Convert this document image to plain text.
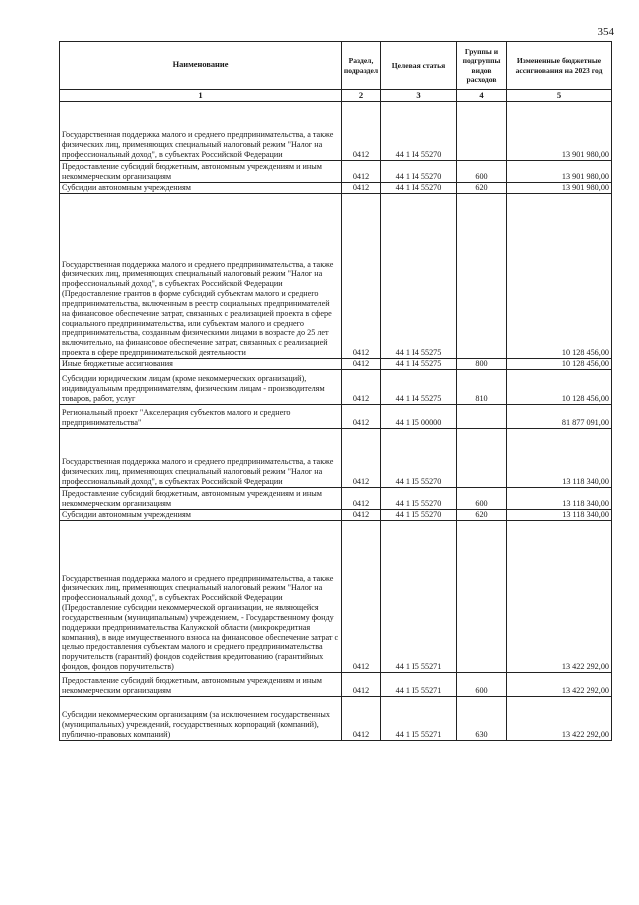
354
Наименование	Раздел, подраздел	Целевая статья	Группы и подгруппы видов расходов	Измененные бюджетные ассигнования на 2023 год
1	2	3	4	5
Государственная поддержка малого и среднего предпринимательства, а также физических лиц, применяющих специальный налоговый режим "Налог на профессиональный доход", в субъектах Российской Федерации	0412	44 1 I4 55270		13 901 980,00
Предоставление субсидий бюджетным, автономным учреждениям и иным некоммерческим организациям	0412	44 1 I4 55270	600	13 901 980,00
Субсидии автономным учреждениям	0412	44 1 I4 55270	620	13 901 980,00
Государственная поддержка малого и среднего предпринимательства, а также физических лиц, применяющих специальный налоговый режим "Налог на профессиональный доход", в субъектах Российской Федерации (Предоставление грантов в форме субсидий субъектам малого и среднего предпринимательства, включенным в реестр социальных предпринимателей на финансовое обеспечение затрат, связанных с реализацией проекта в сфере социального предпринимательства, или субъектам малого и среднего предпринимательства, созданным физическими лицами в возрасте до 25 лет включительно, на финансовое обеспечение затрат, связанных с реализацией проекта в сфере предпринимательской деятельности	0412	44 1 I4 55275		10 128 456,00
Иные бюджетные ассигнования	0412	44 1 I4 55275	800	10 128 456,00
Субсидии юридическим лицам (кроме некоммерческих организаций), индивидуальным предпринимателям, физическим лицам - производителям товаров, работ, услуг	0412	44 1 I4 55275	810	10 128 456,00
Региональный проект "Акселерация субъектов малого и среднего предпринимательства"	0412	44 1 I5 00000		81 877 091,00
Государственная поддержка малого и среднего предпринимательства, а также физических лиц, применяющих специальный налоговый режим "Налог на профессиональный доход", в субъектах Российской Федерации	0412	44 1 I5 55270		13 118 340,00
Предоставление субсидий бюджетным, автономным учреждениям и иным некоммерческим организациям	0412	44 1 I5 55270	600	13 118 340,00
Субсидии автономным учреждениям	0412	44 1 I5 55270	620	13 118 340,00
Государственная поддержка малого и среднего предпринимательства, а также физических лиц, применяющих специальный налоговый режим "Налог на профессиональный доход", в субъектах Российской Федерации (Предоставление субсидии некоммерческой организации, не являющейся государственным (муниципальным) учреждением, - Государственному фонду поддержки предпринимательства Калужской области (микрокредитная компания), в виде имущественного взноса на финансовое обеспечение затрат с целью предоставления субъектам малого и среднего предпринимательства поручительств (гарантий) фондов содействия кредитованию (гарантийных фондов, фондов поручительств)	0412	44 1 I5 55271		13 422 292,00
Предоставление субсидий бюджетным, автономным учреждениям и иным некоммерческим организациям	0412	44 1 I5 55271	600	13 422 292,00
Субсидии некоммерческим организациям (за исключением государственных (муниципальных) учреждений, государственных корпораций (компаний), публично-правовых компаний)	0412	44 1 I5 55271	630	13 422 292,00
